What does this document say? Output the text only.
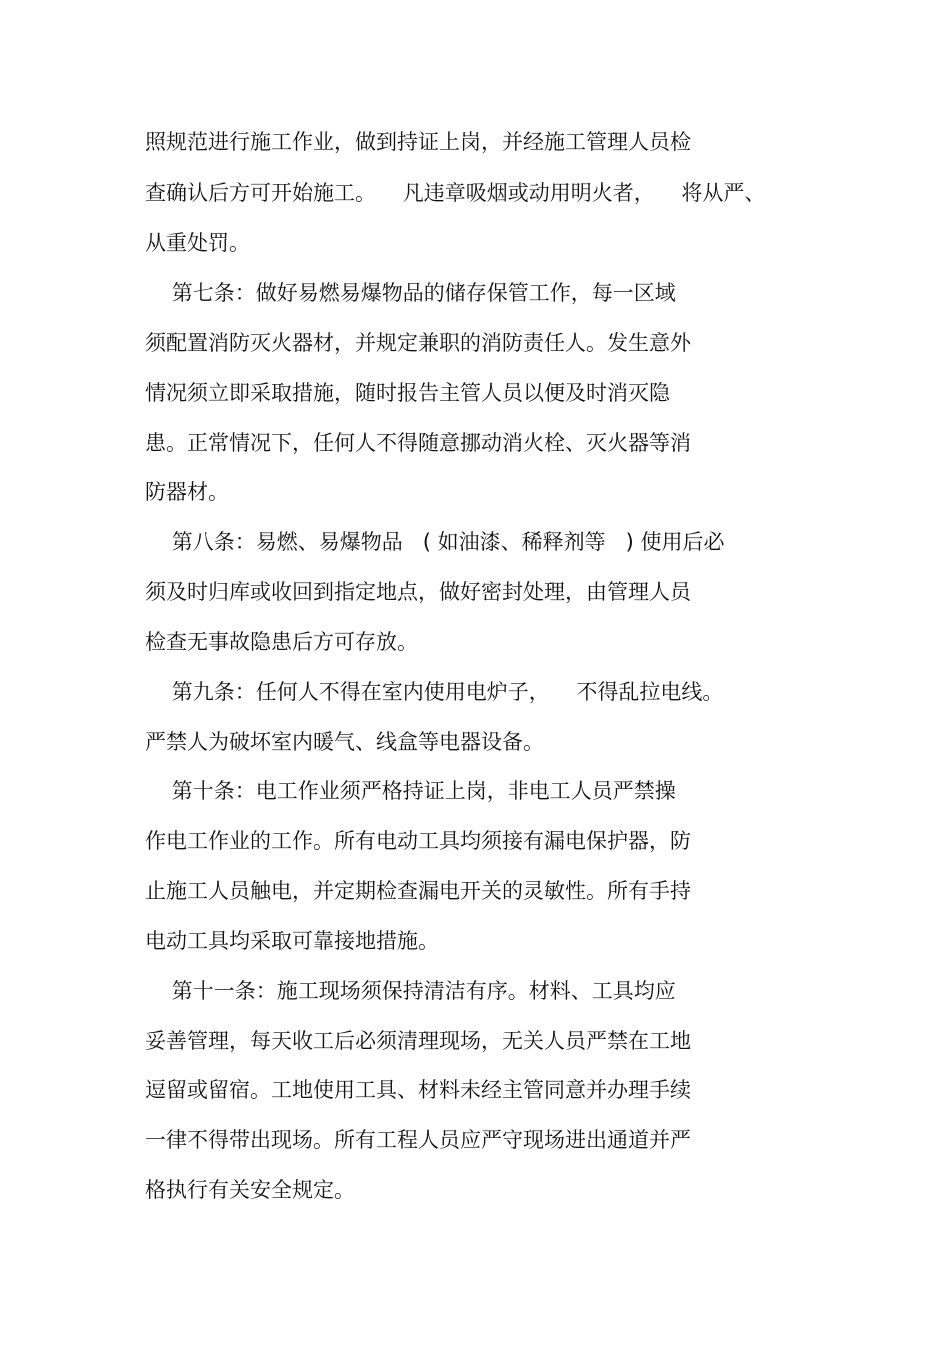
照规范进行施工作业，做到持证上岗，并经施工管理人员检
查确认后方可开始施工。    凡违章吸烟或动用明火者，    将从严、
从重处罚。
第七条：做好易燃易爆物品的储存保管工作，每一区域
须配置消防灭火器材，并规定兼职的消防责任人。发生意外
情况须立即采取措施，随时报告主管人员以便及时消灭隐
患。正常情况下，任何人不得随意挪动消火栓、灭火器等消
防器材。
第八条：易燃、易爆物品   ( 如油漆、稀释剂等   ) 使用后必
须及时归库或收回到指定地点，做好密封处理，由管理人员
检查无事故隐患后方可存放。
第九条：任何人不得在室内使用电炉子，    不得乱拉电线。
严禁人为破坏室内暖气、线盒等电器设备。
第十条：电工作业须严格持证上岗，非电工人员严禁操
作电工作业的工作。所有电动工具均须接有漏电保护器，防
止施工人员触电，并定期检查漏电开关的灵敏性。所有手持
电动工具均采取可靠接地措施。
第十一条：施工现场须保持清洁有序。材料、工具均应
妥善管理，每天收工后必须清理现场，无关人员严禁在工地
逗留或留宿。工地使用工具、材料未经主管同意并办理手续
一律不得带出现场。所有工程人员应严守现场进出通道并严
格执行有关安全规定。
